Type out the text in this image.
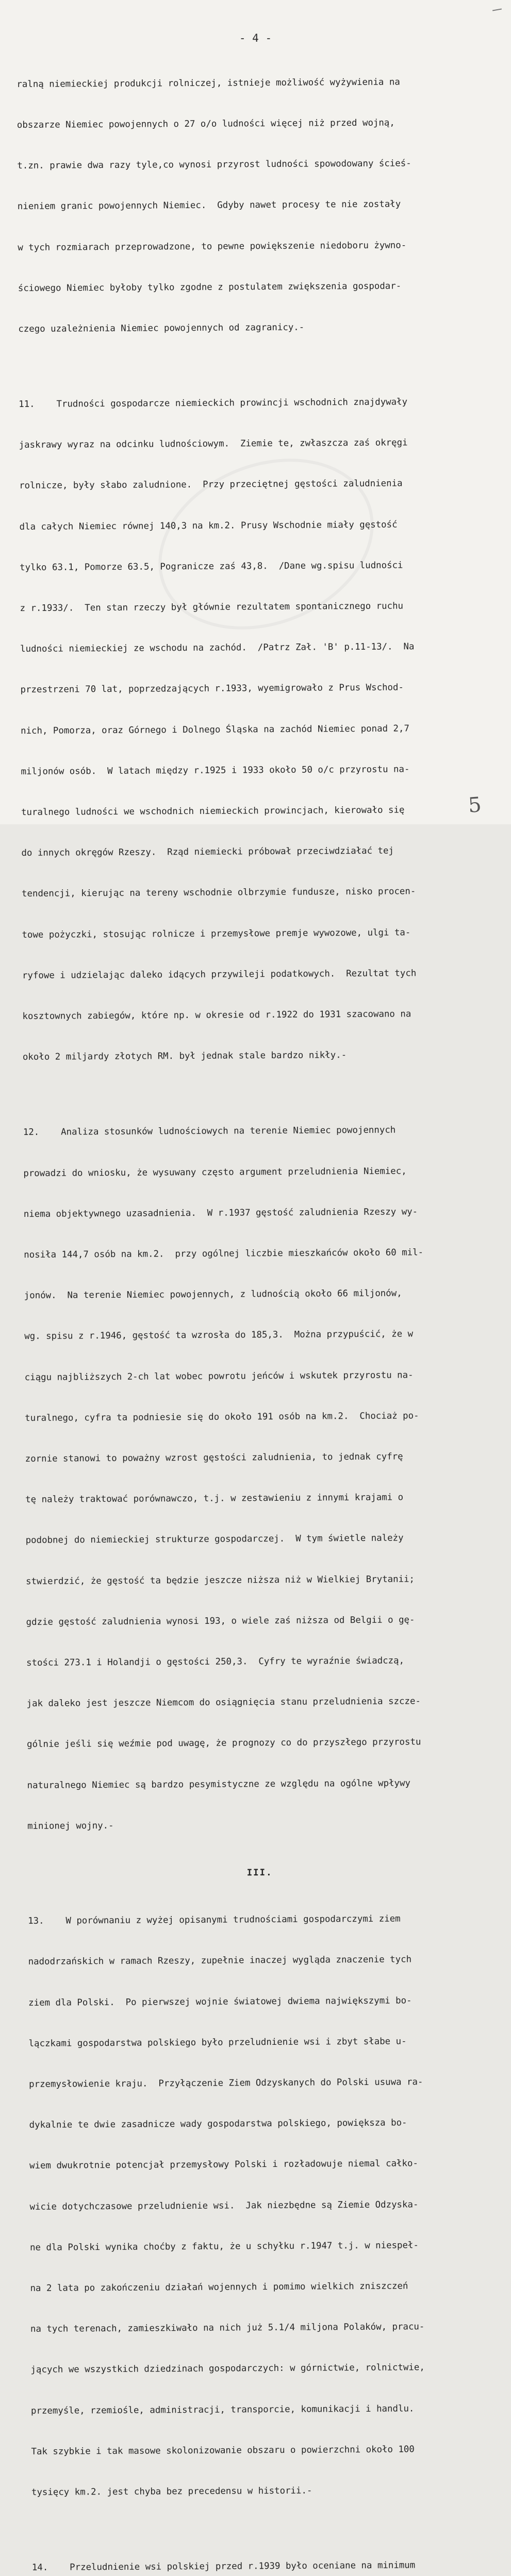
- 4 -

ralną niemieckiej produkcji rolniczej, istnieje możliwość wyżywienia na

obszarze Niemiec powojennych o 27 o/o ludności więcej niż przed wojną,

t.zn. prawie dwa razy tyle,co wynosi przyrost ludności spowodowany ścieś-

nieniem granic powojennych Niemiec.  Gdyby nawet procesy te nie zostały

w tych rozmiarach przeprowadzone, to pewne powiększenie niedoboru żywno-

ściowego Niemiec byłoby tylko zgodne z postulatem zwiększenia gospodar-

czego uzależnienia Niemiec powojennych od zagranicy.-

11.    Trudności gospodarcze niemieckich prowincji wschodnich znajdywały

jaskrawy wyraz na odcinku ludnościowym.  Ziemie te, zwłaszcza zaś okręgi

rolnicze, były słabo zaludnione.  Przy przeciętnej gęstości zaludnienia

dla całych Niemiec równej 140,3 na km.2. Prusy Wschodnie miały gęstość

tylko 63.1, Pomorze 63.5, Pogranicze zaś 43,8.  /Dane wg.spisu ludności

z r.1933/.  Ten stan rzeczy był głównie rezultatem spontanicznego ruchu

ludności niemieckiej ze wschodu na zachód.  /Patrz Zał. 'B' p.11-13/.  Na

przestrzeni 70 lat, poprzedzających r.1933, wyemigrowało z Prus Wschod-

nich, Pomorza, oraz Górnego i Dolnego Śląska na zachód Niemiec ponad 2,7

miljonów osób.  W latach między r.1925 i 1933 około 50 o/c przyrostu na-

turalnego ludności we wschodnich niemieckich prowincjach, kierowało się

do innych okręgów Rzeszy.  Rząd niemiecki próbował przeciwdziałać tej

tendencji, kierując na tereny wschodnie olbrzymie fundusze, nisko procen-

towe pożyczki, stosując rolnicze i przemysłowe premje wywozowe, ulgi ta-

ryfowe i udzielając daleko idących przywileji podatkowych.  Rezultat tych

kosztownych zabiegów, które np. w okresie od r.1922 do 1931 szacowano na

około 2 miljardy złotych RM. był jednak stale bardzo nikły.-

12.    Analiza stosunków ludnościowych na terenie Niemiec powojennych

prowadzi do wniosku, że wysuwany często argument przeludnienia Niemiec,

niema objektywnego uzasadnienia.  W r.1937 gęstość zaludnienia Rzeszy wy-

nosiła 144,7 osób na km.2.  przy ogólnej liczbie mieszkańców około 60 mil-

jonów.  Na terenie Niemiec powojennych, z ludnością około 66 miljonów,

wg. spisu z r.1946, gęstość ta wzrosła do 185,3.  Można przypuścić, że w

ciągu najbliższych 2-ch lat wobec powrotu jeńców i wskutek przyrostu na-

turalnego, cyfra ta podniesie się do około 191 osób na km.2.  Chociaż po-

zornie stanowi to poważny wzrost gęstości zaludnienia, to jednak cyfrę

tę należy traktować porównawczo, t.j. w zestawieniu z innymi krajami o

podobnej do niemieckiej strukturze gospodarczej.  W tym świetle należy

stwierdzić, że gęstość ta będzie jeszcze niższa niż w Wielkiej Brytanii;

gdzie gęstość zaludnienia wynosi 193, o wiele zaś niższa od Belgii o gę-

stości 273.1 i Holandji o gęstości 250,3.  Cyfry te wyraźnie świadczą,

jak daleko jest jeszcze Niemcom do osiągnięcia stanu przeludnienia szcze-

gólnie jeśli się weźmie pod uwagę, że prognozy co do przyszłego przyrostu

naturalnego Niemiec są bardzo pesymistyczne ze względu na ogólne wpływy

minionej wojny.-

III.

13.    W porównaniu z wyżej opisanymi trudnościami gospodarczymi ziem

nadodrzańskich w ramach Rzeszy, zupełnie inaczej wygląda znaczenie tych

ziem dla Polski.  Po pierwszej wojnie światowej dwiema największymi bo-

lączkami gospodarstwa polskiego było przeludnienie wsi i zbyt słabe u-

przemysłowienie kraju.  Przyłączenie Ziem Odzyskanych do Polski usuwa ra-

dykalnie te dwie zasadnicze wady gospodarstwa polskiego, powiększa bo-

wiem dwukrotnie potencjał przemysłowy Polski i rozładowuje niemal całko-

wicie dotychczasowe przeludnienie wsi.  Jak niezbędne są Ziemie Odzyska-

ne dla Polski wynika choćby z faktu, że u schyłku r.1947 t.j. w niespeł-

na 2 lata po zakończeniu działań wojennych i pomimo wielkich zniszczeń

na tych terenach, zamieszkiwało na nich już 5.1/4 miljona Polaków, pracu-

jących we wszystkich dziedzinach gospodarczych: w górnictwie, rolnictwie,

przemyśle, rzemiośle, administracji, transporcie, komunikacji i handlu.

Tak szybkie i tak masowe skolonizowanie obszaru o powierzchni około 100

tysięcy km.2. jest chyba bez precedensu w historii.-

14.    Przeludnienie wsi polskiej przed r.1939 było oceniane na minimum

5
